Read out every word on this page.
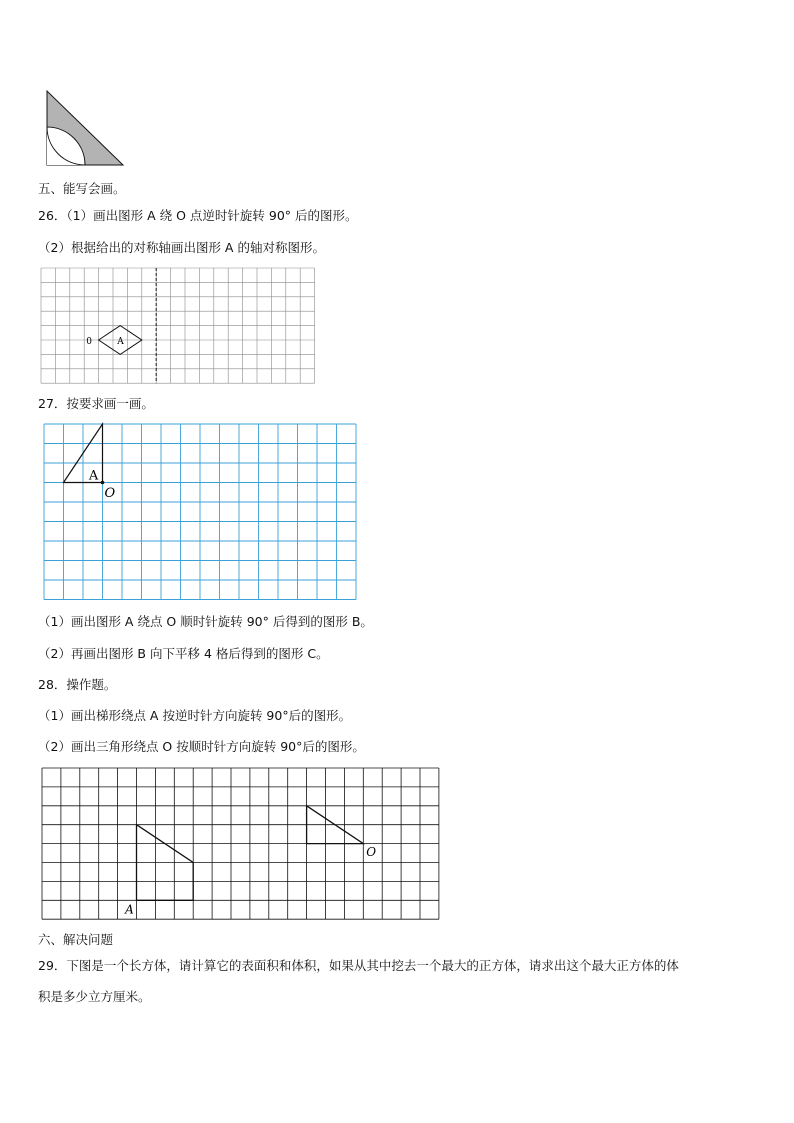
五、能写会画。
26．（1）画出图形 A 绕 O 点逆时针旋转 90° 后的图形。
（2）根据给出的对称轴画出图形 A 的轴对称图形。
0	A
27．按要求画一画。
A
O
（1）画出图形 A 绕点 O 顺时针旋转 90° 后得到的图形 B。
（2）再画出图形 B 向下平移 4 格后得到的图形 C。
28．操作题。
（1）画出梯形绕点 A 按逆时针方向旋转 90°后的图形。
（2）画出三角形绕点 O 按顺时针方向旋转 90°后的图形。
A
O
六、解决问题
29．下图是一个长方体，请计算它的表面积和体积，如果从其中挖去一个最大的正方体，请求出这个最大正方体的体
积是多少立方厘米。
